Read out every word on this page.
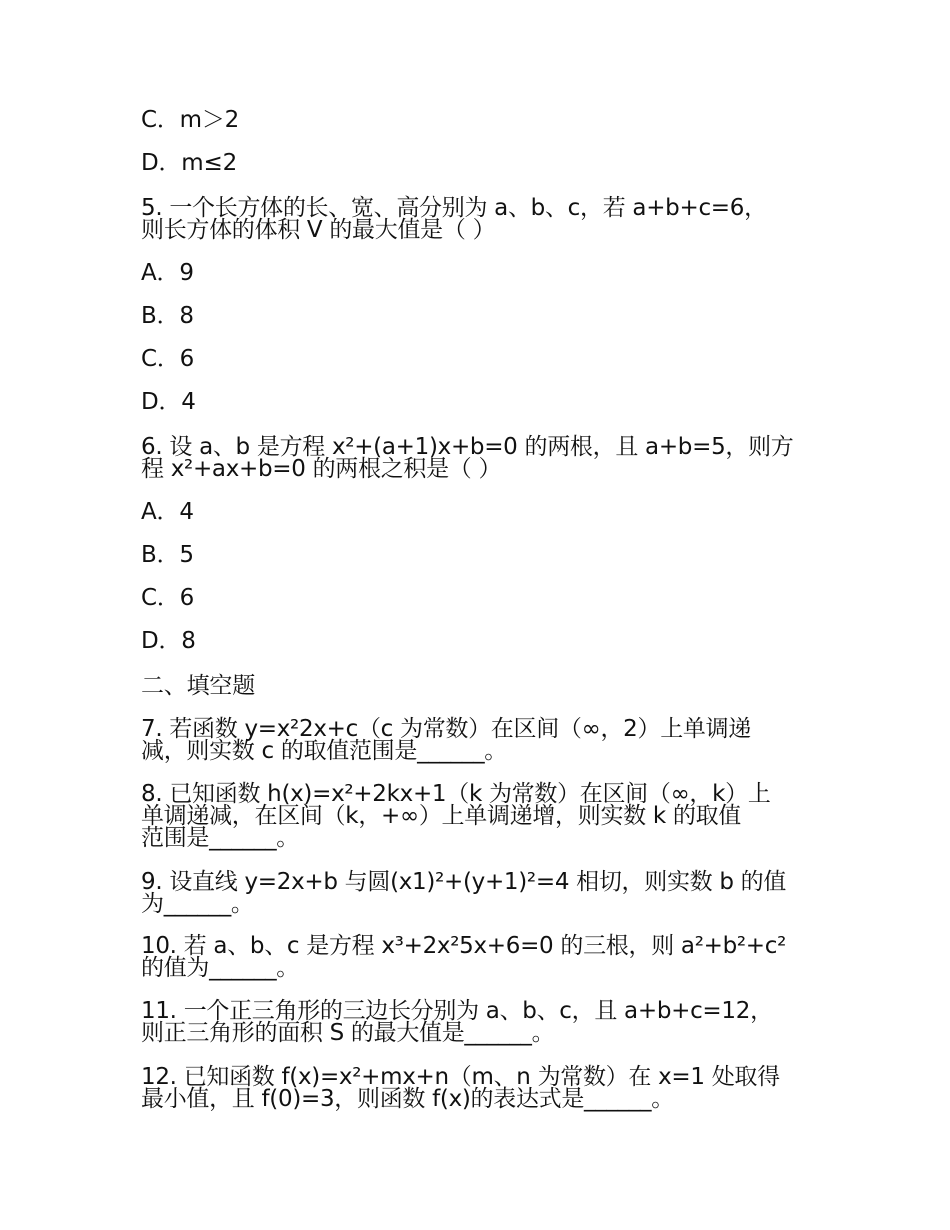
C．m＞2
D．m≤2
5. 一个长方体的长、宽、高分别为 a、b、c，若 a+b+c=6，
则长方体的体积 V 的最大值是（ ）
A．9
B．8
C．6
D．4
6. 设 a、b 是方程 x²+(a+1)x+b=0 的两根，且 a+b=5，则方
程 x²+ax+b=0 的两根之积是（ ）
A．4
B．5
C．6
D．8
二、填空题
7. 若函数 y=x²2x+c（c 为常数）在区间（∞，2）上单调递
减，则实数 c 的取值范围是______。
8. 已知函数 h(x)=x²+2kx+1（k 为常数）在区间（∞，k）上
单调递减，在区间（k，+∞）上单调递增，则实数 k 的取值
范围是______。
9. 设直线 y=2x+b 与圆(x1)²+(y+1)²=4 相切，则实数 b 的值
为______。
10. 若 a、b、c 是方程 x³+2x²5x+6=0 的三根，则 a²+b²+c²
的值为______。
11. 一个正三角形的三边长分别为 a、b、c，且 a+b+c=12，
则正三角形的面积 S 的最大值是______。
12. 已知函数 f(x)=x²+mx+n（m、n 为常数）在 x=1 处取得
最小值，且 f(0)=3，则函数 f(x)的表达式是______。
